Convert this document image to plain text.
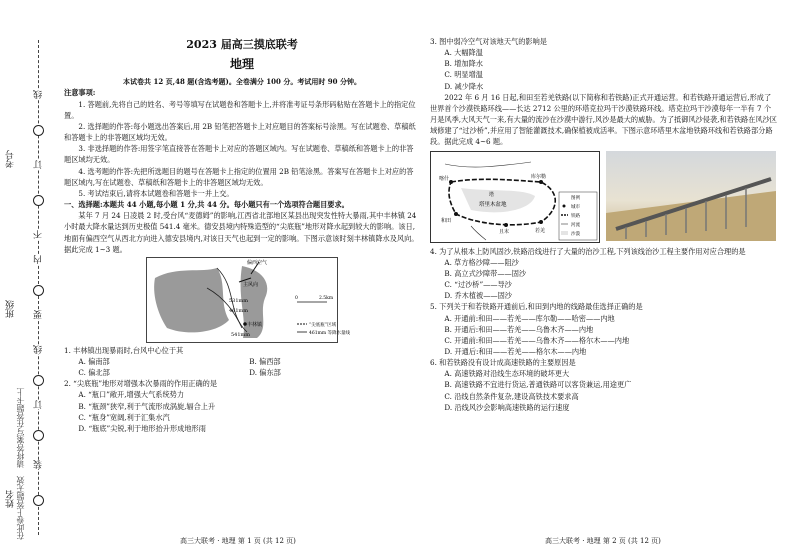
在此卷上答题无效　请将答案写在答题卡上
考号
班级
姓名
线
订
不
内
要
线
订
装
2023 届高三摸底联考
地理
本试卷共 12 页,48 题(含选考题)。全卷满分 100 分。考试用时 90 分钟。
注意事项:

1. 答题前,先将自己的姓名、考号等填写在试题卷和答题卡上,并将准考证号条形码粘贴在答题卡上的指定位置。

2. 选择题的作答:每小题选出答案后,用 2B 铅笔把答题卡上对应题目的答案标号涂黑。写在试题卷、草稿纸和答题卡上的非答题区域均无效。

3. 非选择题的作答:用签字笔直接答在答题卡上对应的答题区域内。写在试题卷、草稿纸和答题卡上的非答题区域均无效。

4. 选考题的作答:先把所选题目的题号在答题卡上指定的位置用 2B 铅笔涂黑。答案写在答题卡上对应的答题区域内,写在试题卷、草稿纸和答题卡上的非答题区域均无效。

5. 考试结束后,请将本试题卷和答题卡一并上交。

一、选择题:本题共 44 小题,每小题 1 分,共 44 分。每小题只有一个选项符合题目要求。

某年 7 月 24 日凌晨 2 时,受台风“麦德姆”的影响,江西省北部地区某县出现突发性特大暴雨,其中丰林镇 24 小时最大降水量达到历史极值 541.4 毫米。德安县境内特殊造型的“尖底瓶”地形对降水起到较大的影响。该日,地面有偏西空气从西北方向进入德安县境内,对该日天气也起到一定的影响。下图示意该时刻丰林镇降水及风向。据此完成 1~3 题。

偏西空气
主风向
531mm
461mm
丰林镇
541mm
“尖底瓶”区域
461mm 等降水量线
0	2.5km
1. 丰林镇出现暴雨时,台风中心位于其
A. 偏南部	B. 偏西部
C. 偏北部	D. 偏东部
2. “尖底瓶”地形对增强本次暴雨的作用正确的是
A. “瓶口”敞开,增强大气系统势力
B. “瓶颈”狭窄,利于气流形成涡旋,辐合上升
C. “瓶身”宽阔,利于汇集水汽
D. “瓶底”尖锐,利于地形抬升形成地形雨
3. 图中弱冷空气对该地天气的影响是
A. 大幅降温
B. 增加降水
C. 明显增温
D. 减少降水

2022 年 6 月 16 日起,和田至若羌铁路(以下简称和若铁路)正式开通运营。和若铁路开通运营后,形成了世界首个沙漠铁路环线——长达 2712 公里的环塔克拉玛干沙漠铁路环线。塔克拉玛干沙漠每年一半有 7 个月是风季,大风天气一来,有大量的流沙在沙漠中游行,风沙是最大的威胁。为了抵御风沙侵袭,和若铁路在风沙区域修建了“过沙桥”,并应用了智能灌溉技术,确保植被成活率。下图示意环塔里木盆地铁路环线和若铁路部分路段。据此完成 4~6 题。

喀什	库尔勒
和田
塔
且末	若羌
塔里木盆地
图例
城市
铁路
河流
沙漠
4. 为了从根本上防风固沙,铁路沿线进行了大量的治沙工程,下列该线治沙工程主要作用对应合理的是
A. 草方格沙障——阻沙
B. 高立式沙障带——固沙
C. “过沙桥”——导沙
D. 乔木植被——固沙
5. 下列关于和若铁路开通前后,和田到内地的线路最佳选择正确的是
A. 开通前:和田——若羌——库尔勒——哈密——内地
B. 开通后:和田——若羌——乌鲁木齐——内地
C. 开通前:和田——若羌——乌鲁木齐——格尔木——内地
D. 开通后:和田——若羌——格尔木——内地
6. 和若铁路没有设计成高速铁路的主要原因是
A. 高速铁路对沿线生态环境的破坏更大
B. 高速铁路不宜进行货运,普通铁路可以客货兼运,用途更广
C. 沿线自然条件复杂,建设高铁技术要求高
D. 沿线风沙会影响高速铁路的运行速度
高三大联考 · 地理 第 1 页 (共 12 页)	高三大联考 · 地理 第 2 页 (共 12 页)
